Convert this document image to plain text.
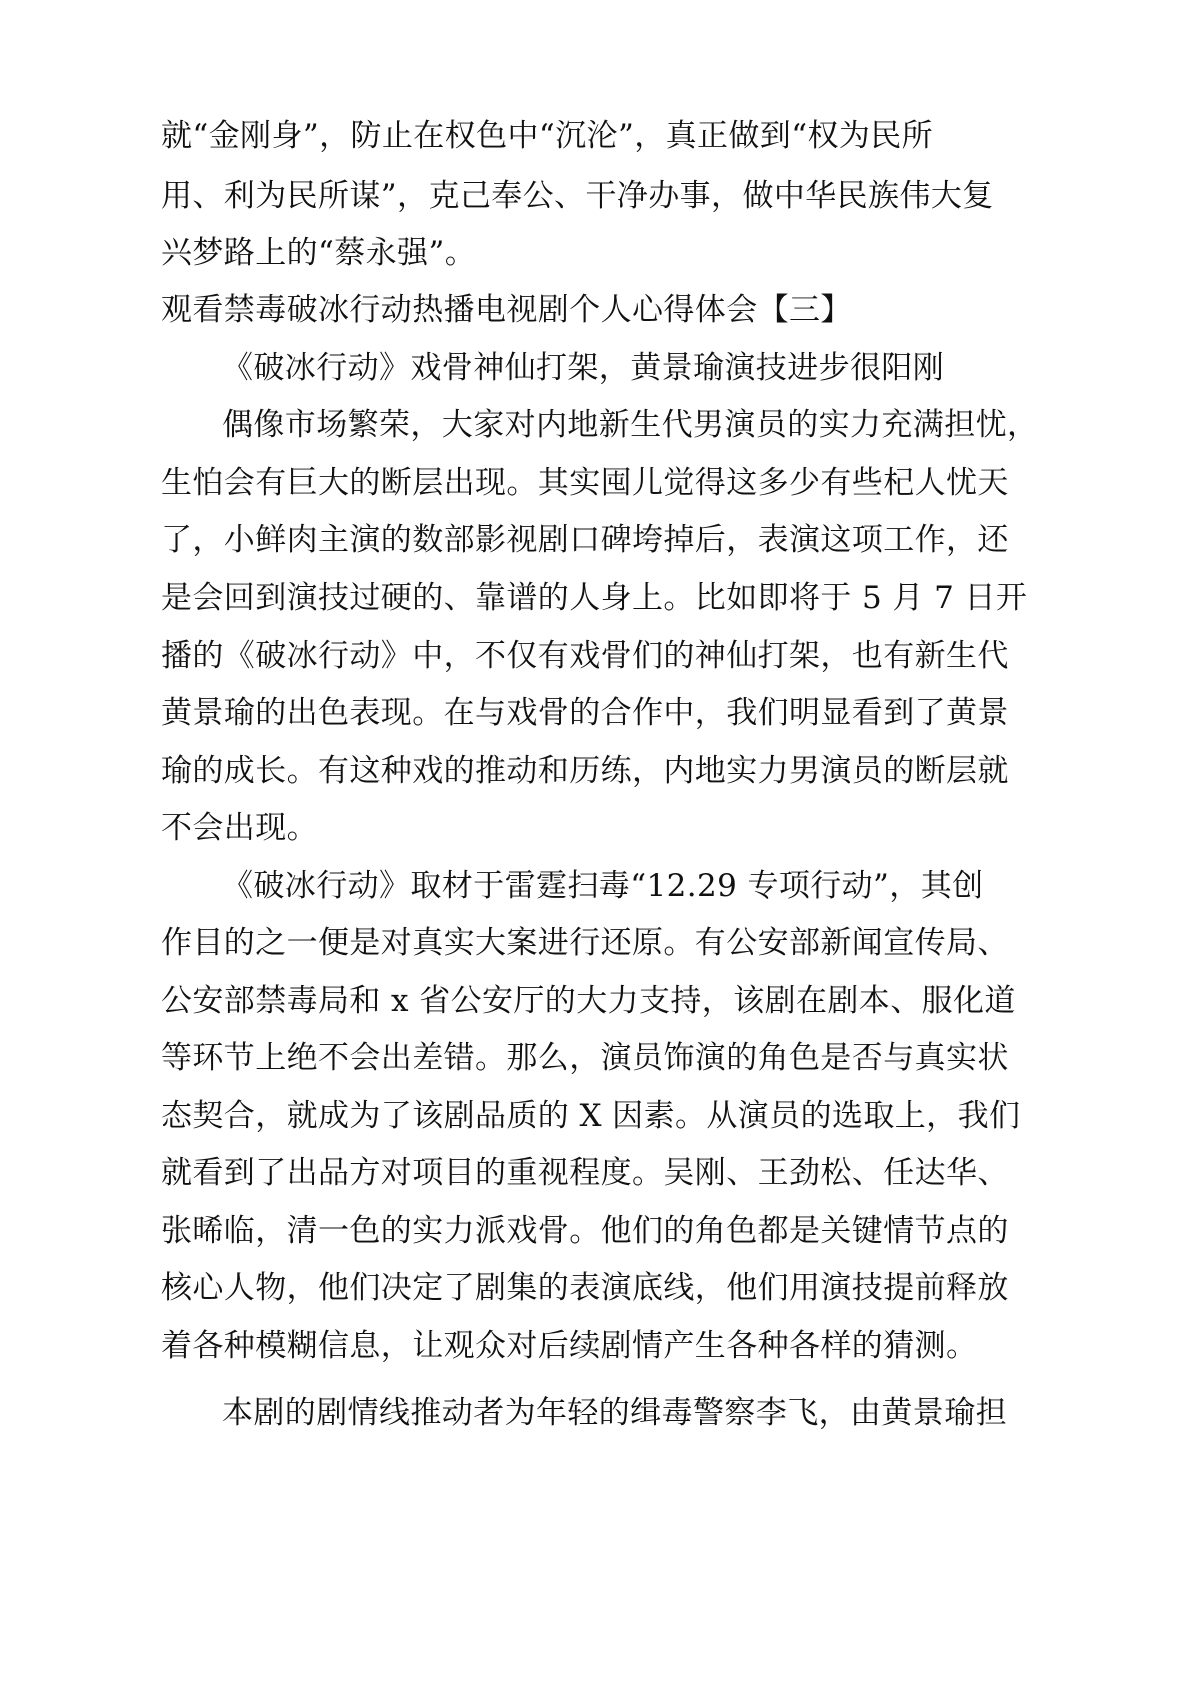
就“金刚身”，防止在权色中“沉沦”，真正做到“权为民所
用、利为民所谋”，克己奉公、干净办事，做中华民族伟大复
兴梦路上的“蔡永强”。
观看禁毒破冰行动热播电视剧个人心得体会【三】
《破冰行动》戏骨神仙打架，黄景瑜演技进步很阳刚
偶像市场繁荣，大家对内地新生代男演员的实力充满担忧，
生怕会有巨大的断层出现。其实囤儿觉得这多少有些杞人忧天
了，小鲜肉主演的数部影视剧口碑垮掉后，表演这项工作，还
是会回到演技过硬的、靠谱的人身上。比如即将于 5 月 7 日开
播的《破冰行动》中，不仅有戏骨们的神仙打架，也有新生代
黄景瑜的出色表现。在与戏骨的合作中，我们明显看到了黄景
瑜的成长。有这种戏的推动和历练，内地实力男演员的断层就
不会出现。
《破冰行动》取材于雷霆扫毒“12.29 专项行动”，其创
作目的之一便是对真实大案进行还原。有公安部新闻宣传局、
公安部禁毒局和 x 省公安厅的大力支持，该剧在剧本、服化道
等环节上绝不会出差错。那么，演员饰演的角色是否与真实状
态契合，就成为了该剧品质的 X 因素。从演员的选取上，我们
就看到了出品方对项目的重视程度。吴刚、王劲松、任达华、
张晞临，清一色的实力派戏骨。他们的角色都是关键情节点的
核心人物，他们决定了剧集的表演底线，他们用演技提前释放
着各种模糊信息，让观众对后续剧情产生各种各样的猜测。
本剧的剧情线推动者为年轻的缉毒警察李飞，由黄景瑜担
